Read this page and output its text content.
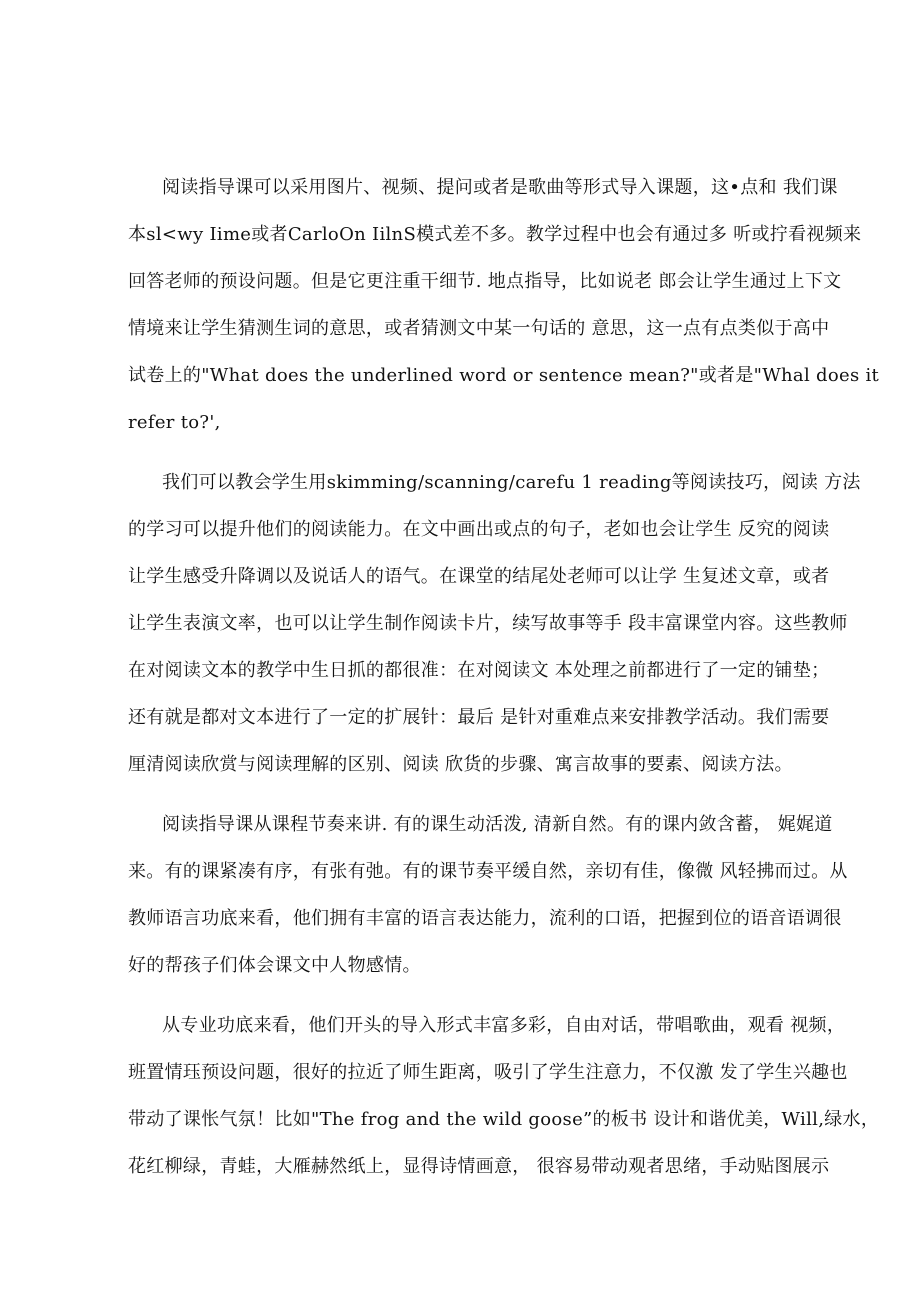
阅读指导课可以采用图片、视频、提问或者是歌曲等形式导入课题，这•点和 我们课
本sl<wy Iime或者CarloOn IilnS模式差不多。教学过程中也会有通过多 听或拧看视频来
回答老师的预设问题。但是它更注重干细节. 地点指导，比如说老 郎会让学生通过上下文
情境来让学生猜测生词的意思，或者猜测文中某一句话的 意思，这一点有点类似于高中
试卷上的"What does the underlined word or sentence mean?"或者是"Whal does it
refer to?',
我们可以教会学生用skimming/scanning/carefu 1 reading等阅读技巧，阅读 方法
的学习可以提升他们的阅读能力。在文中画出或点的句子，老如也会让学生 反究的阅读
让学生感受升降调以及说话人的语气。在课堂的结尾处老师可以让学 生复述文章，或者
让学生表演文率，也可以让学生制作阅读卡片，续写故事等手 段丰富课堂内容。这些教师
在对阅读文本的教学中生日抓的都很准：在对阅读文 本处理之前都进行了一定的铺垫；
还有就是都对文本进行了一定的扩展针：最后 是针对重难点来安排教学活动。我们需要
厘清阅读欣赏与阅读理解的区别、阅读 欣货的步骤、寓言故事的要素、阅读方法。
阅读指导课从课程节奏来讲. 有的课生动活泼, 清新自然。有的课内敛含蓄， 娓娓道
来。有的课紧凑有序，有张有弛。有的课节奏平缓自然，亲切有佳，像微 风轻拂而过。从
教师语言功底来看，他们拥有丰富的语言表达能力，流利的口语，把握到位的语音语调很
好的帮孩子们体会课文中人物感情。
从专业功底来看，他们开头的导入形式丰富多彩，自由对话，带唱歌曲，观看 视频，
班置情珏预设问题，很好的拉近了师生距离，吸引了学生注意力，不仅激 发了学生兴趣也
带动了课怅气氛！比如"The frog and the wild goose”的板书 设计和谐优美，Will,绿水，
花红柳绿，青蛙，大雁赫然纸上，显得诗情画意， 很容易带动观者思绪，手动贴图展示
